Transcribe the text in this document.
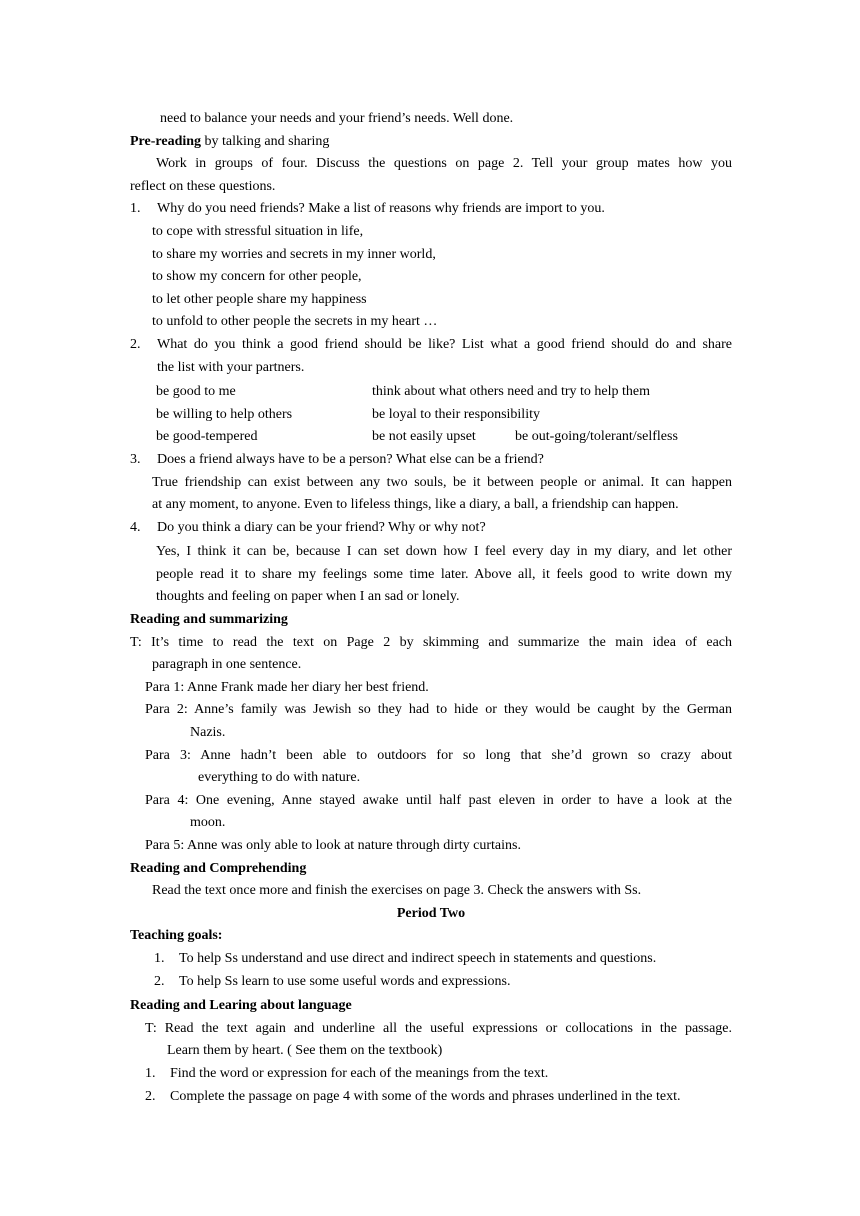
need to balance your needs and your friend’s needs. Well done.
Pre-reading by talking and sharing
Work in groups of four. Discuss the questions on page 2. Tell your group mates how you
reflect on these questions.
1. Why do you need friends? Make a list of reasons why friends are import to you.
to cope with stressful situation in life,
to share my worries and secrets in my inner world,
to show my concern for other people,
to let other people share my happiness
to unfold to other people the secrets in my heart …
2. What do you think a good friend should be like? List what a good friend should do and share
the list with your partners.
be good to me	think about what others need and try to help them
be willing to help others	be loyal to their responsibility
be good-tempered	be not easily upset	be out-going/tolerant/selfless
3. Does a friend always have to be a person? What else can be a friend?
True friendship can exist between any two souls, be it between people or animal. It can happen
at any moment, to anyone. Even to lifeless things, like a diary, a ball, a friendship can happen.
4. Do you think a diary can be your friend? Why or why not?
Yes, I think it can be, because I can set down how I feel every day in my diary, and let other
people read it to share my feelings some time later. Above all, it feels good to write down my
thoughts and feeling on paper when I an sad or lonely.
Reading and summarizing
T: It’s time to read the text on Page 2 by skimming and summarize the main idea of each
paragraph in one sentence.
Para 1: Anne Frank made her diary her best friend.
Para 2: Anne’s family was Jewish so they had to hide or they would be caught by the German
Nazis.
Para 3: Anne hadn’t been able to outdoors for so long that she’d grown so crazy about
everything to do with nature.
Para 4: One evening, Anne stayed awake until half past eleven in order to have a look at the
moon.
Para 5: Anne was only able to look at nature through dirty curtains.
Reading and Comprehending
Read the text once more and finish the exercises on page 3. Check the answers with Ss.
Period Two
Teaching goals:
1. To help Ss understand and use direct and indirect speech in statements and questions.
2. To help Ss learn to use some useful words and expressions.
Reading and Learing about language
T: Read the text again and underline all the useful expressions or collocations in the passage.
Learn them by heart. ( See them on the textbook)
1. Find the word or expression for each of the meanings from the text.
2. Complete the passage on page 4 with some of the words and phrases underlined in the text.
